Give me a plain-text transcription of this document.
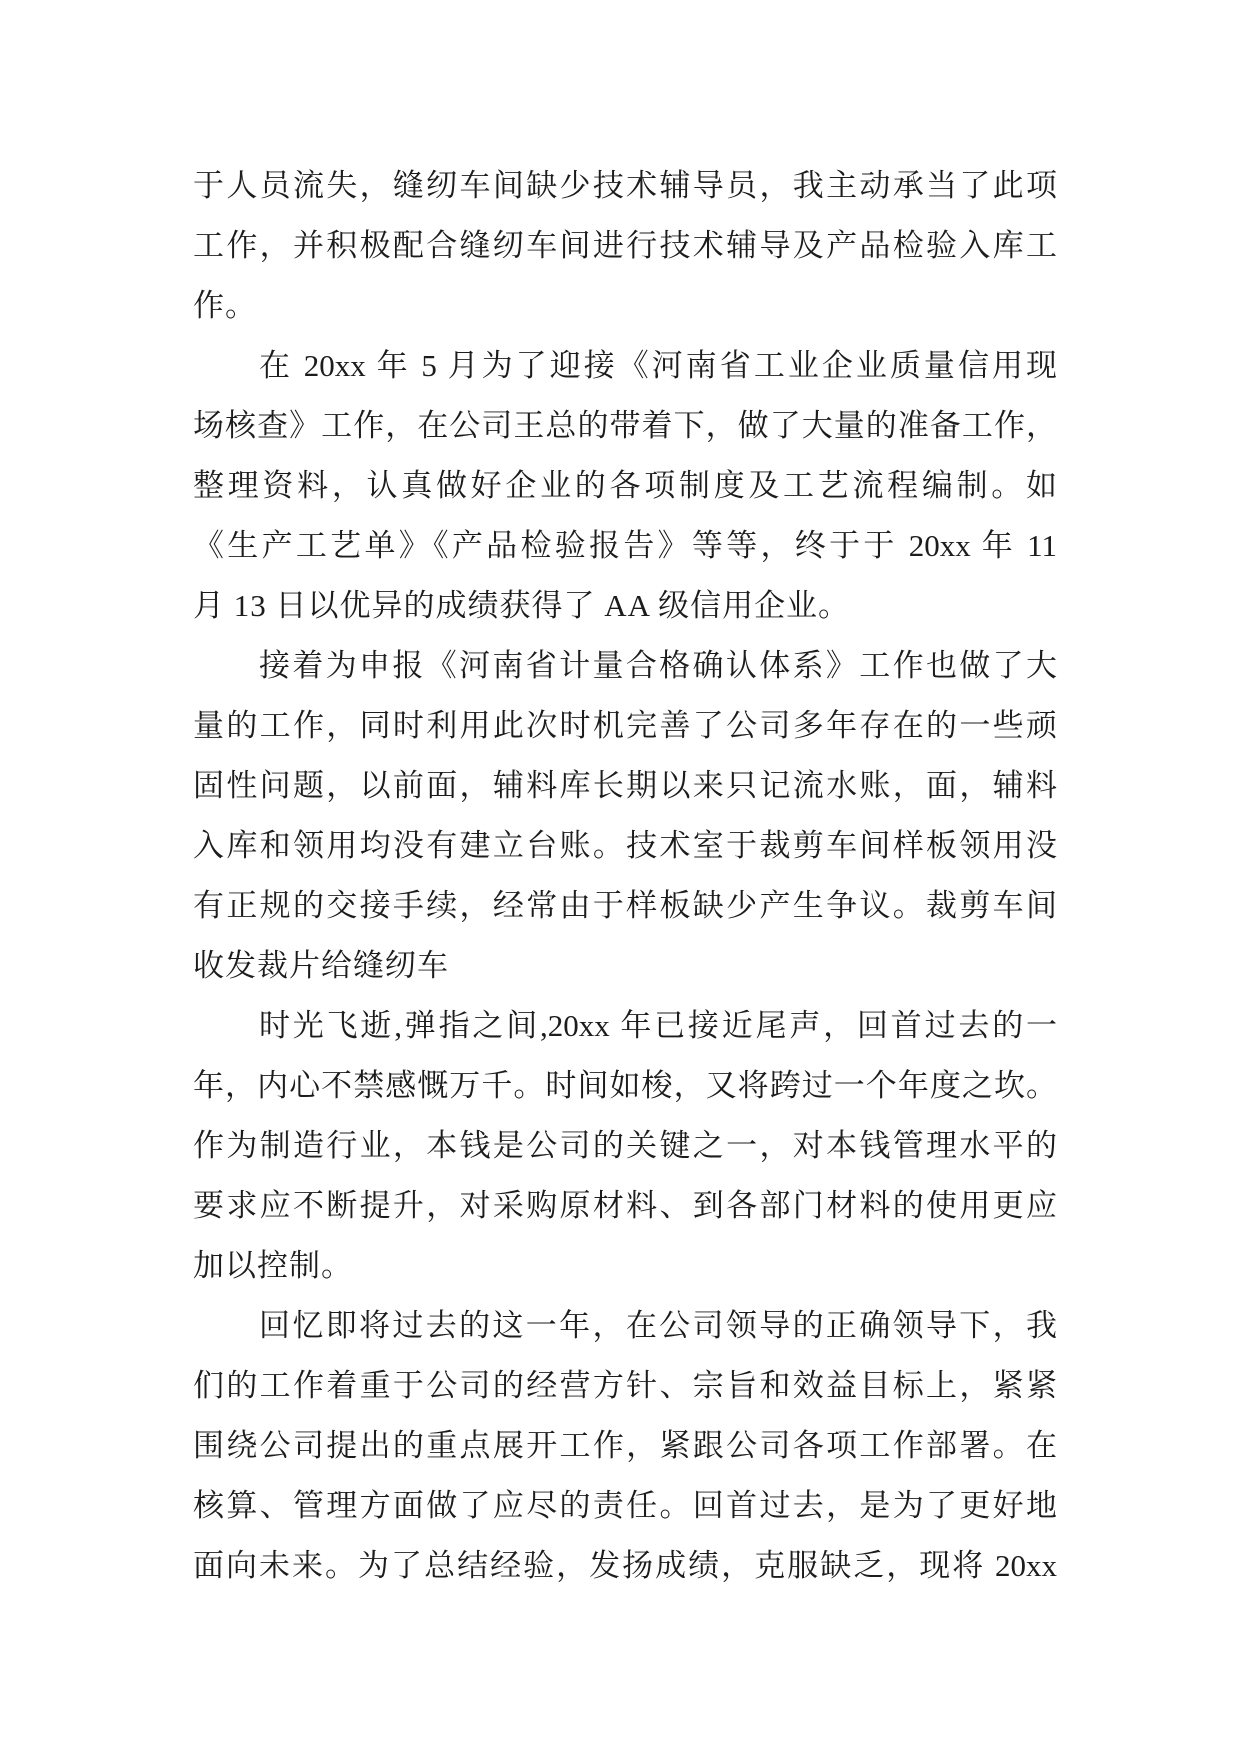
于人员流失，缝纫车间缺少技术辅导员，我主动承当了此项
工作，并积极配合缝纫车间进行技术辅导及产品检验入库工
作。
在 20xx 年 5 月为了迎接《河南省工业企业质量信用现
场核查》工作，在公司王总的带着下，做了大量的准备工作，
整理资料，认真做好企业的各项制度及工艺流程编制。如
《生产工艺单》《产品检验报告》等等，终于于 20xx 年 11
月 13 日以优异的成绩获得了 AA 级信用企业。
接着为申报《河南省计量合格确认体系》工作也做了大
量的工作，同时利用此次时机完善了公司多年存在的一些顽
固性问题，以前面，辅料库长期以来只记流水账，面，辅料
入库和领用均没有建立台账。技术室于裁剪车间样板领用没
有正规的交接手续，经常由于样板缺少产生争议。裁剪车间
收发裁片给缝纫车
时光飞逝,弹指之间,20xx 年已接近尾声，回首过去的一
年，内心不禁感慨万千。时间如梭，又将跨过一个年度之坎。
作为制造行业，本钱是公司的关键之一，对本钱管理水平的
要求应不断提升，对采购原材料、到各部门材料的使用更应
加以控制。
回忆即将过去的这一年，在公司领导的正确领导下，我
们的工作着重于公司的经营方针、宗旨和效益目标上，紧紧
围绕公司提出的重点展开工作，紧跟公司各项工作部署。在
核算、管理方面做了应尽的责任。回首过去，是为了更好地
面向未来。为了总结经验，发扬成绩，克服缺乏，现将 20xx
